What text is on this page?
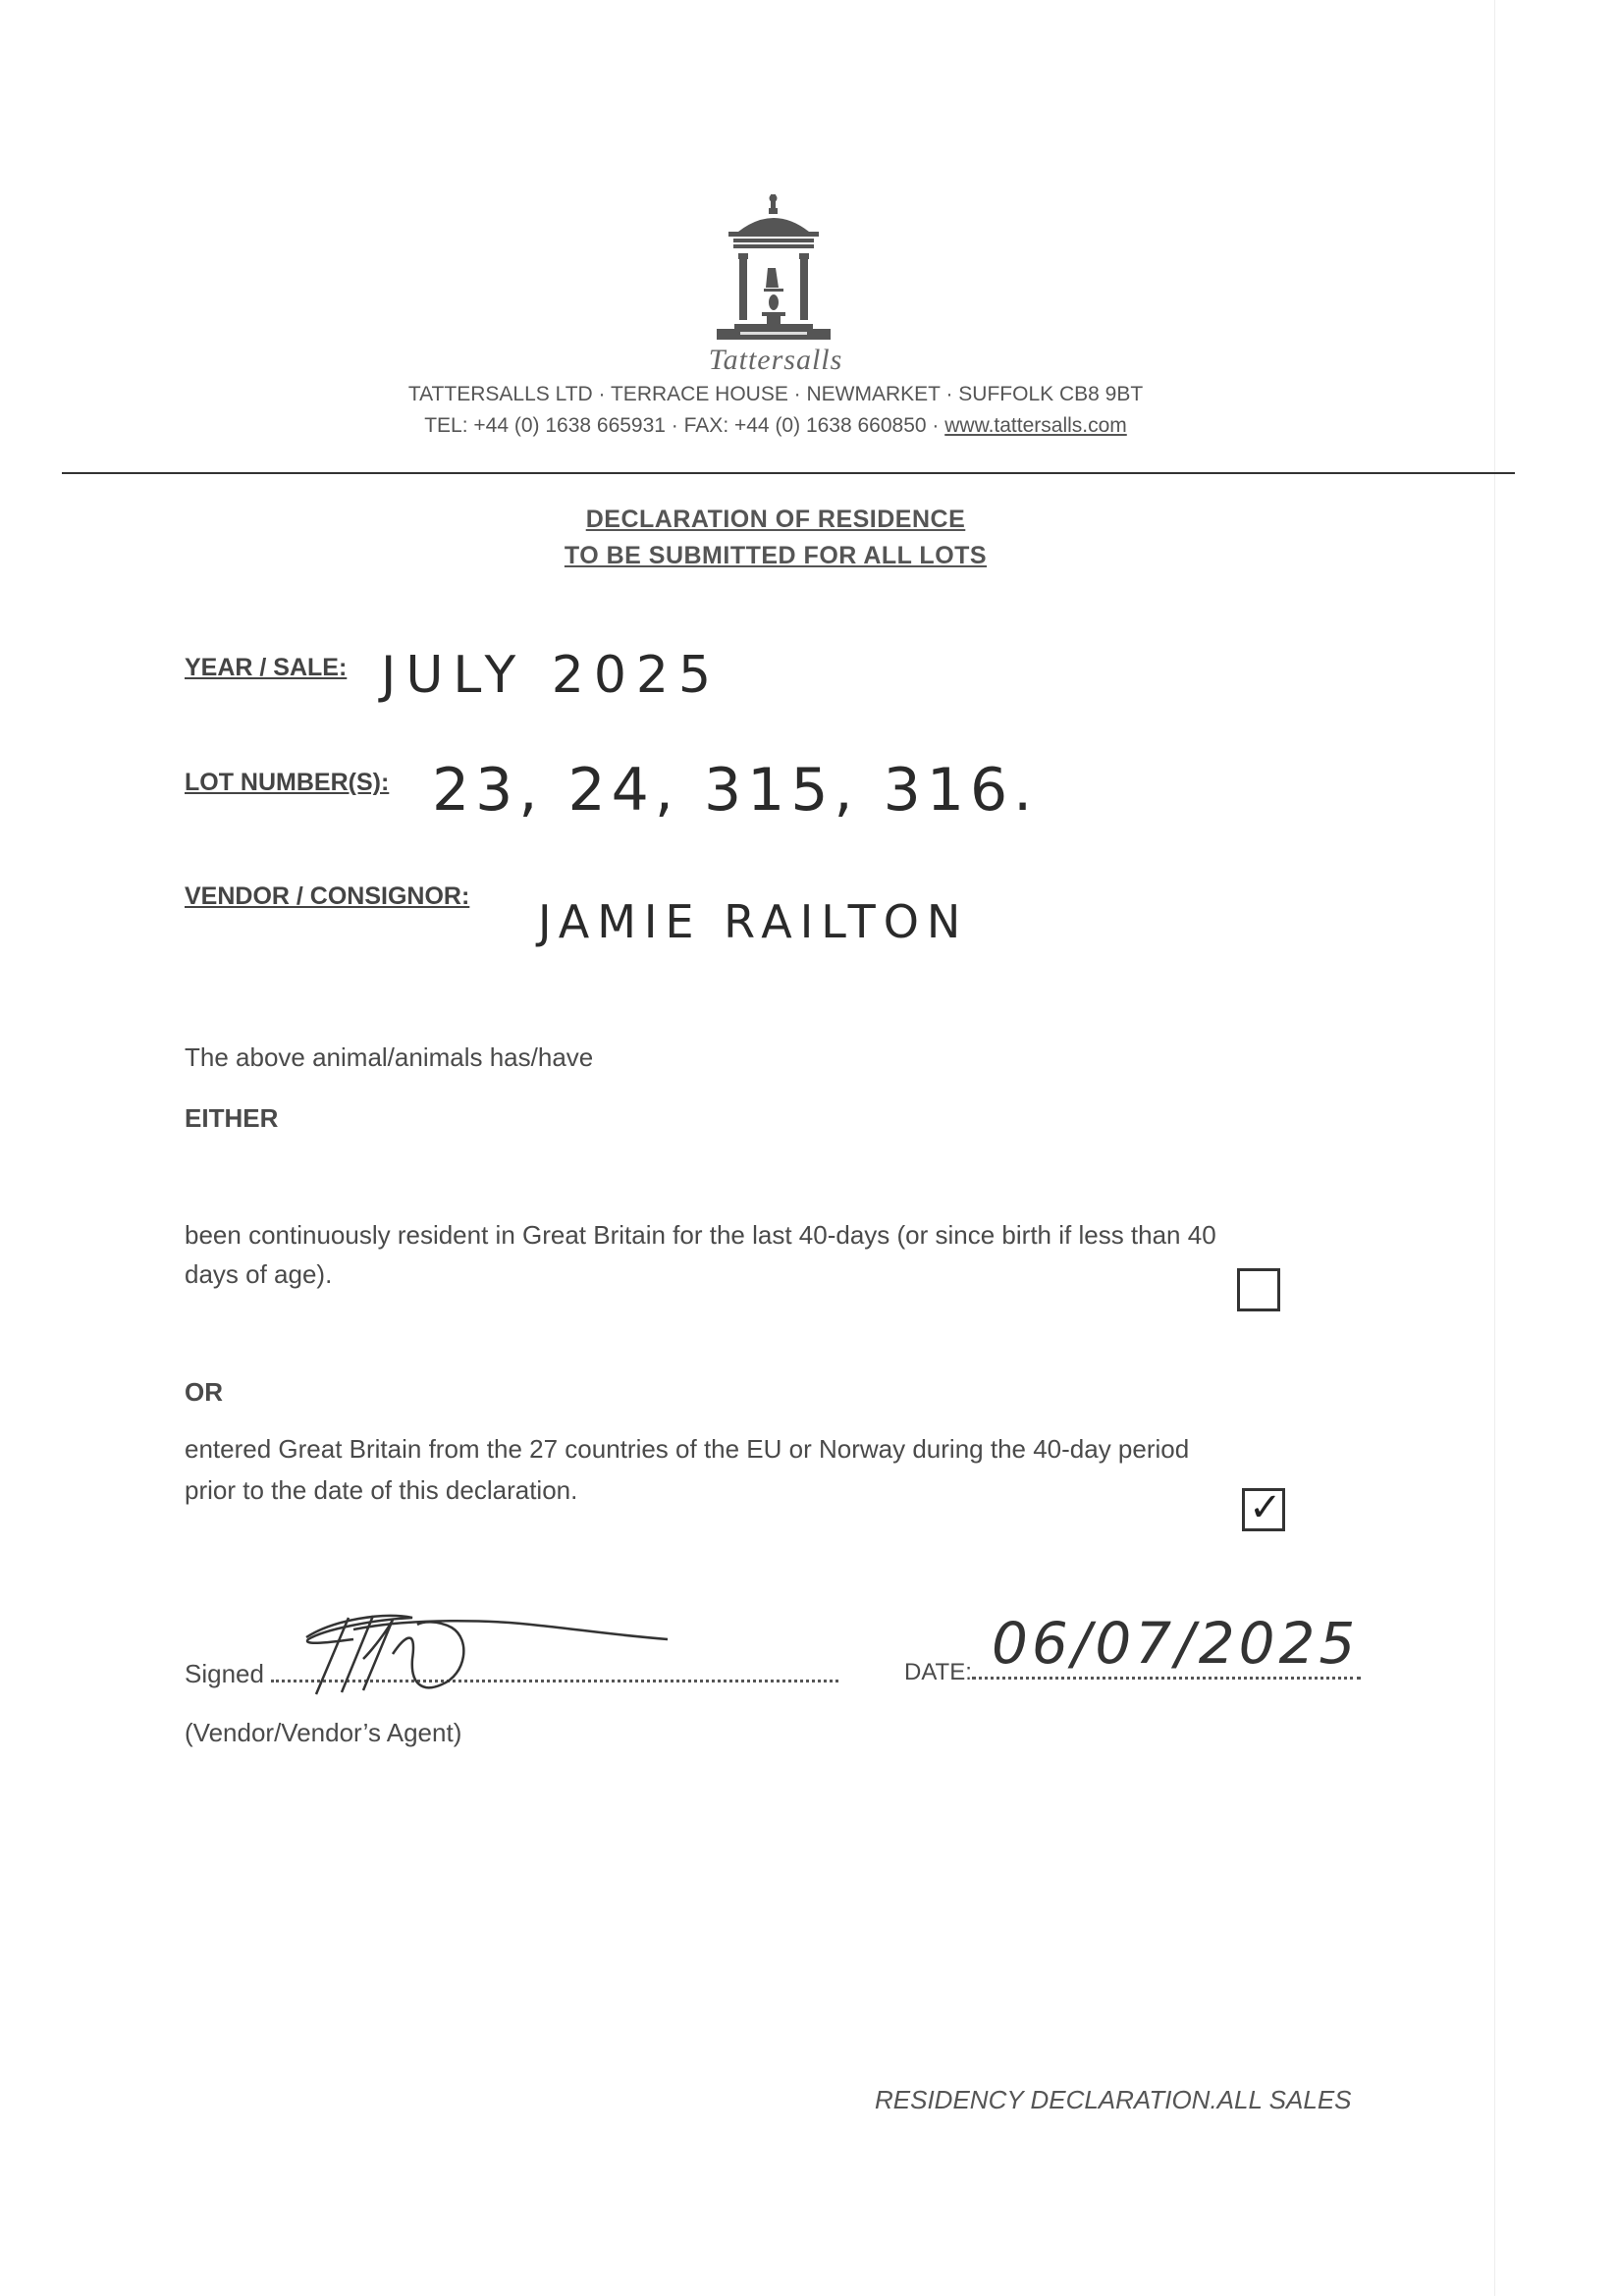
Tattersalls
TATTERSALLS LTD · TERRACE HOUSE · NEWMARKET · SUFFOLK CB8 9BT
TEL: +44 (0) 1638 665931 · FAX: +44 (0) 1638 660850 · www.tattersalls.com
DECLARATION OF RESIDENCE
TO BE SUBMITTED FOR ALL LOTS
YEAR / SALE: JULY 2025
LOT NUMBER(S): 23, 24, 315, 316.
VENDOR / CONSIGNOR: JAMIE RAILTON
The above animal/animals has/have
EITHER
been continuously resident in Great Britain for the last 40-days (or since birth if less than 40
days of age).
OR
entered Great Britain from the 27 countries of the EU or Norway during the 40-day period
prior to the date of this declaration.	✓
Signed	DATE: 06/07/2025
(Vendor/Vendor’s Agent)
RESIDENCY DECLARATION.ALL SALES
